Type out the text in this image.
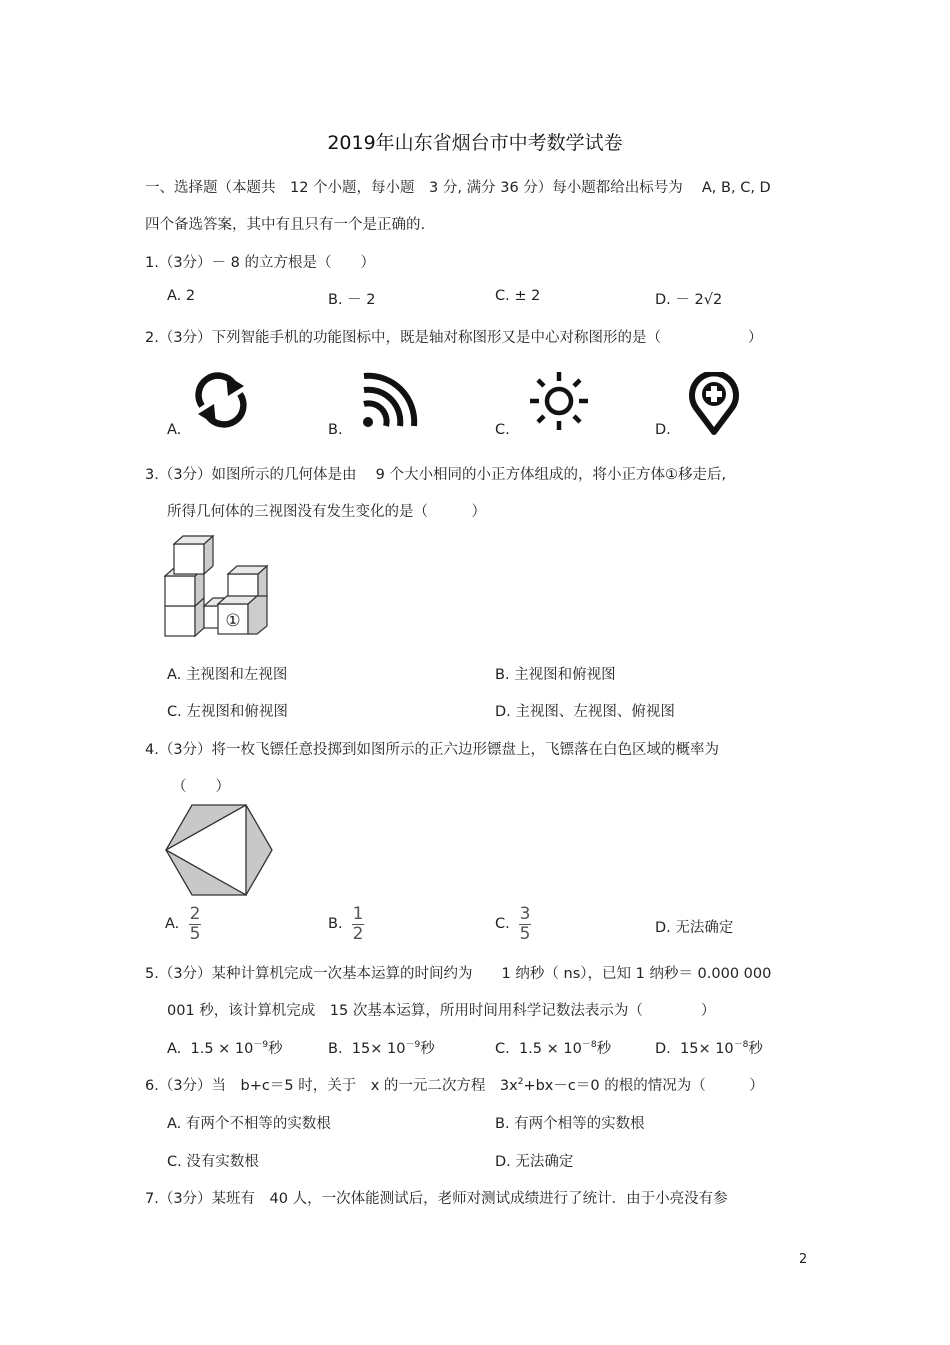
2019年山东省烟台市中考数学试卷
一、选择题（本题共　12 个小题，每小题　3 分, 满分 36 分）每小题都给出标号为　 A, B, C, D
四个备选答案，其中有且只有一个是正确的.
1.（3分）－ 8 的立方根是（　　）
A. 2	B. － 2	C. ± 2	D. － 2√2
2.（3分）下列智能手机的功能图标中，既是轴对称图形又是中心对称图形的是（　　　　　　）
A.	B.	C.	D.
3.（3分）如图所示的几何体是由　 9 个大小相同的小正方体组成的，将小正方体①移走后,
所得几何体的三视图没有发生变化的是（　　　）
①
A. 主视图和左视图	B. 主视图和俯视图
C. 左视图和俯视图	D. 主视图、左视图、俯视图
4.（3分）将一枚飞镖任意投掷到如图所示的正六边形镖盘上，飞镖落在白色区域的概率为
（　　）
A. $\frac{2}{5}$	B. $\frac{1}{2}$	C. $\frac{3}{5}$	D. 无法确定
5.（3分）某种计算机完成一次基本运算的时间约为　　1 纳秒（ ns），已知 1 纳秒＝ 0.000 000
001 秒，该计算机完成　15 次基本运算，所用时间用科学记数法表示为（　　　　）
A. $1.5 \times 10^{-9}$秒	B. $15\times 10^{-9}$秒	C. $1.5 \times 10^{-8}$秒	D. $15\times 10^{-8}$秒
6.（3分）当　b+c＝5 时，关于　x 的一元二次方程　$3x^2+bx-c=0$ 的根的情况为（　　　）
A. 有两个不相等的实数根	B. 有两个相等的实数根
C. 没有实数根	D. 无法确定
7.（3分）某班有　40 人，一次体能测试后，老师对测试成绩进行了统计．由于小亮没有参
2
